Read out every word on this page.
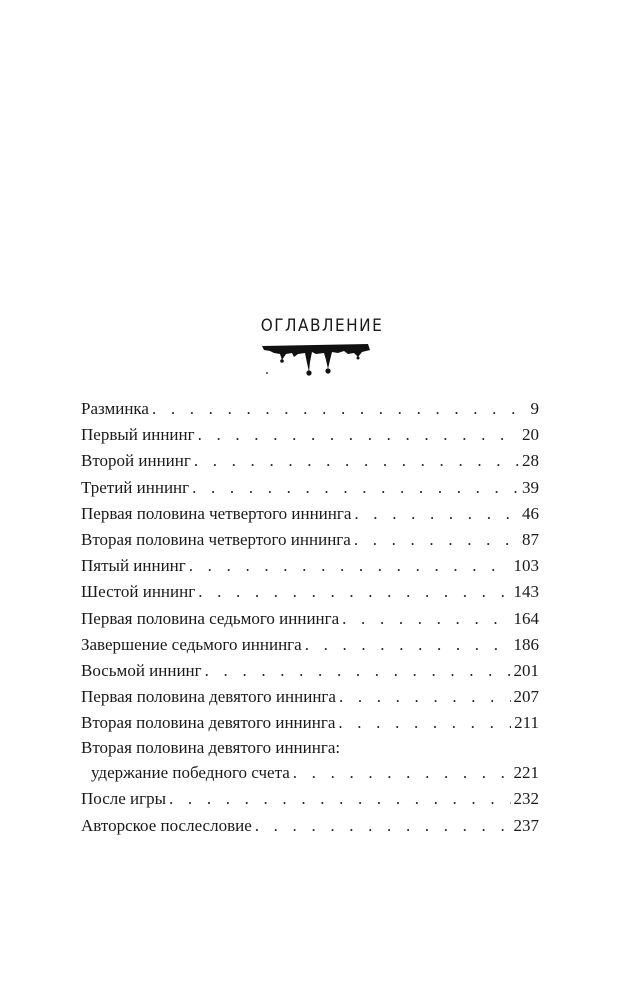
ОГЛАВЛЕНИЕ
Разминка . . .	9
Первый иннинг . . .	20
Второй иннинг . . .	28
Третий иннинг . . .	39
Первая половина четвертого иннинга . . .	46
Вторая половина четвертого иннинга . . .	87
Пятый иннинг . . .	103
Шестой иннинг . . .	143
Первая половина седьмого иннинга . . .	164
Завершение седьмого иннинга . . .	186
Восьмой иннинг . . .	201
Первая половина девятого иннинга . . .	207
Вторая половина девятого иннинга . . .	211
Вторая половина девятого иннинга:
удержание победного счета . . .	221
После игры . . .	232
Авторское послесловие . . .	237
